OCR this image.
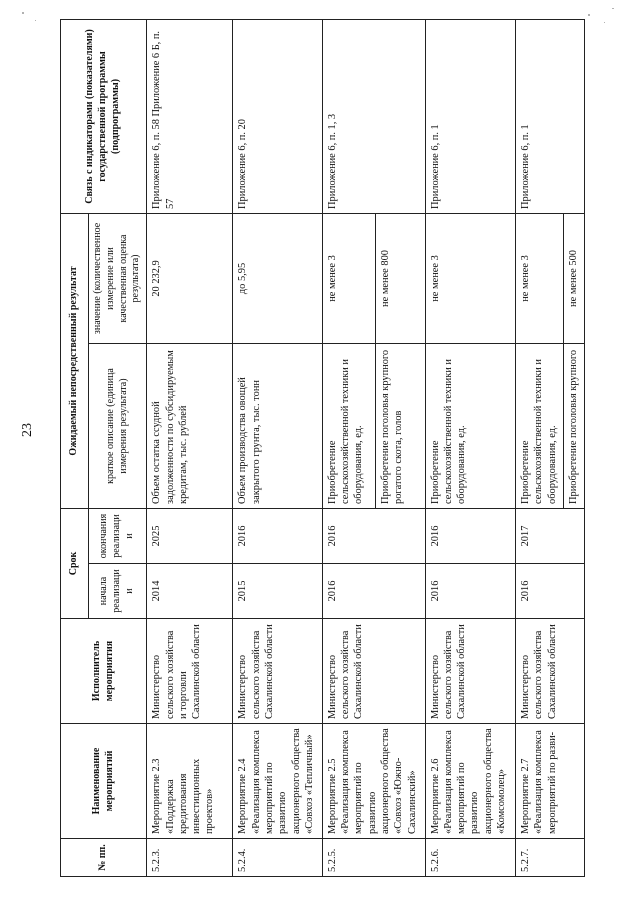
23
№ пп.	Наименование мероприятий	Исполнитель мероприятия	Срок		Ожидаемый непосредственный результат		Связь с индикаторами (показателями) государственной программы (подпрограммы)
			начала реализации	окончания реализации	краткое описание (единица измерения результата)	значение (количественное измерение или качественная оценка результата)	
5.2.3.	Мероприятие 2.3 «Поддержка кредитования инвестиционных проектов»	Министерство сельского хозяйства и торговли Сахалинской области	2014	2025	Объем остатка ссудной задолженности по субсидируемым кредитам, тыс. рублей	20 232,9	Приложение 6, п. 58 Приложение 6 Б, п. 57
5.2.4.	Мероприятие 2.4 «Реализация комплекса мероприятий по развитию акционерного общества «Совхоз «Тепличный»	Министерство сельского хозяйства Сахалинской области	2015	2016	Объем производства овощей закрытого грунта, тыс. тонн	до 5,95	Приложение 6, п. 20
5.2.5.	Мероприятие 2.5 «Реализация комплекса мероприятий по развитию акционерного общества «Совхоз «Южно-Сахалинский»	Министерство сельского хозяйства Сахалинской области	2016	2016	Приобретение сельскохозяйственной техники и оборудования, ед.	не менее 3	Приложение 6, п. 1, 3
					Приобретение поголовья крупного рогатого скота, голов	не менее 800	
5.2.6.	Мероприятие 2.6 «Реализация комплекса мероприятий по развитию акционерного общества «Комсомолец»	Министерство сельского хозяйства Сахалинской области	2016	2016	Приобретение сельскохозяйственной техники и оборудования, ед.	не менее 3	Приложение 6, п. 1
5.2.7.	Мероприятие 2.7 «Реализация комплекса мероприятий по разви-	Министерство сельского хозяйства Сахалинской области	2016	2017	Приобретение сельскохозяйственной техники и оборудования, ед.	не менее 3	Приложение 6, п. 1
					Приобретение поголовья крупного	не менее 500	
